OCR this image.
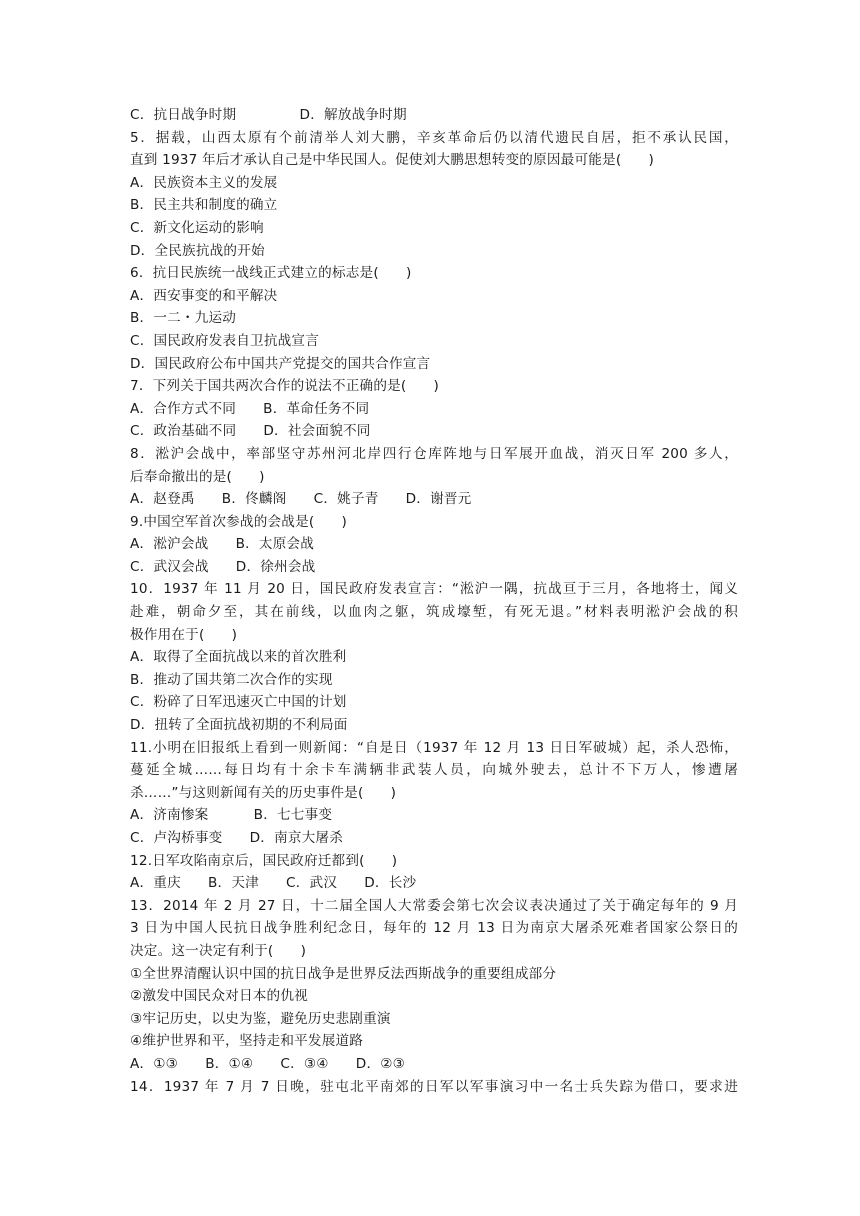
C．抗日战争时期              D．解放战争时期
5．据载，山西太原有个前清举人刘大鹏，辛亥革命后仍以清代遗民自居，拒不承认民国，
直到 1937 年后才承认自己是中华民国人。促使刘大鹏思想转变的原因最可能是(      )
A．民族资本主义的发展
B．民主共和制度的确立
C．新文化运动的影响
D．全民族抗战的开始
6．抗日民族统一战线正式建立的标志是(      )
A．西安事变的和平解决
B．一二・九运动
C．国民政府发表自卫抗战宣言
D．国民政府公布中国共产党提交的国共合作宣言
7．下列关于国共两次合作的说法不正确的是(      )
A．合作方式不同      B．革命任务不同
C．政治基础不同      D．社会面貌不同
8．淞沪会战中，率部坚守苏州河北岸四行仓库阵地与日军展开血战，消灭日军 200 多人，
后奉命撤出的是(      )
A．赵登禹      B．佟麟阁      C．姚子青      D．谢晋元
9.中国空军首次参战的会战是(      )
A．淞沪会战      B．太原会战
C．武汉会战      D．徐州会战
10．1937 年 11 月 20 日，国民政府发表宣言：“淞沪一隅，抗战亘于三月，各地将士，闻义
赴难，朝命夕至，其在前线，以血肉之躯，筑成壕堑，有死无退。”材料表明淞沪会战的积
极作用在于(      )
A．取得了全面抗战以来的首次胜利
B．推动了国共第二次合作的实现
C．粉碎了日军迅速灭亡中国的计划
D．扭转了全面抗战初期的不利局面
11.小明在旧报纸上看到一则新闻：“自是日（1937 年 12 月 13 日日军破城）起，杀人恐怖，
蔓延全城……每日均有十余卡车满辆非武装人员，向城外驶去，总计不下万人，惨遭屠
杀……”与这则新闻有关的历史事件是(      )
A．济南惨案          B．七七事变
C．卢沟桥事变      D．南京大屠杀
12.日军攻陷南京后，国民政府迁都到(      )
A．重庆      B．天津      C．武汉      D．长沙
13．2014 年 2 月 27 日，十二届全国人大常委会第七次会议表决通过了关于确定每年的 9 月
3 日为中国人民抗日战争胜利纪念日，每年的 12 月 13 日为南京大屠杀死难者国家公祭日的
决定。这一决定有利于(      )
①全世界清醒认识中国的抗日战争是世界反法西斯战争的重要组成部分
②激发中国民众对日本的仇视
③牢记历史，以史为鉴，避免历史悲剧重演
④维护世界和平，坚持走和平发展道路
A．①③      B．①④      C．③④      D．②③
14．1937 年 7 月 7 日晚，驻屯北平南郊的日军以军事演习中一名士兵失踪为借口，要求进
